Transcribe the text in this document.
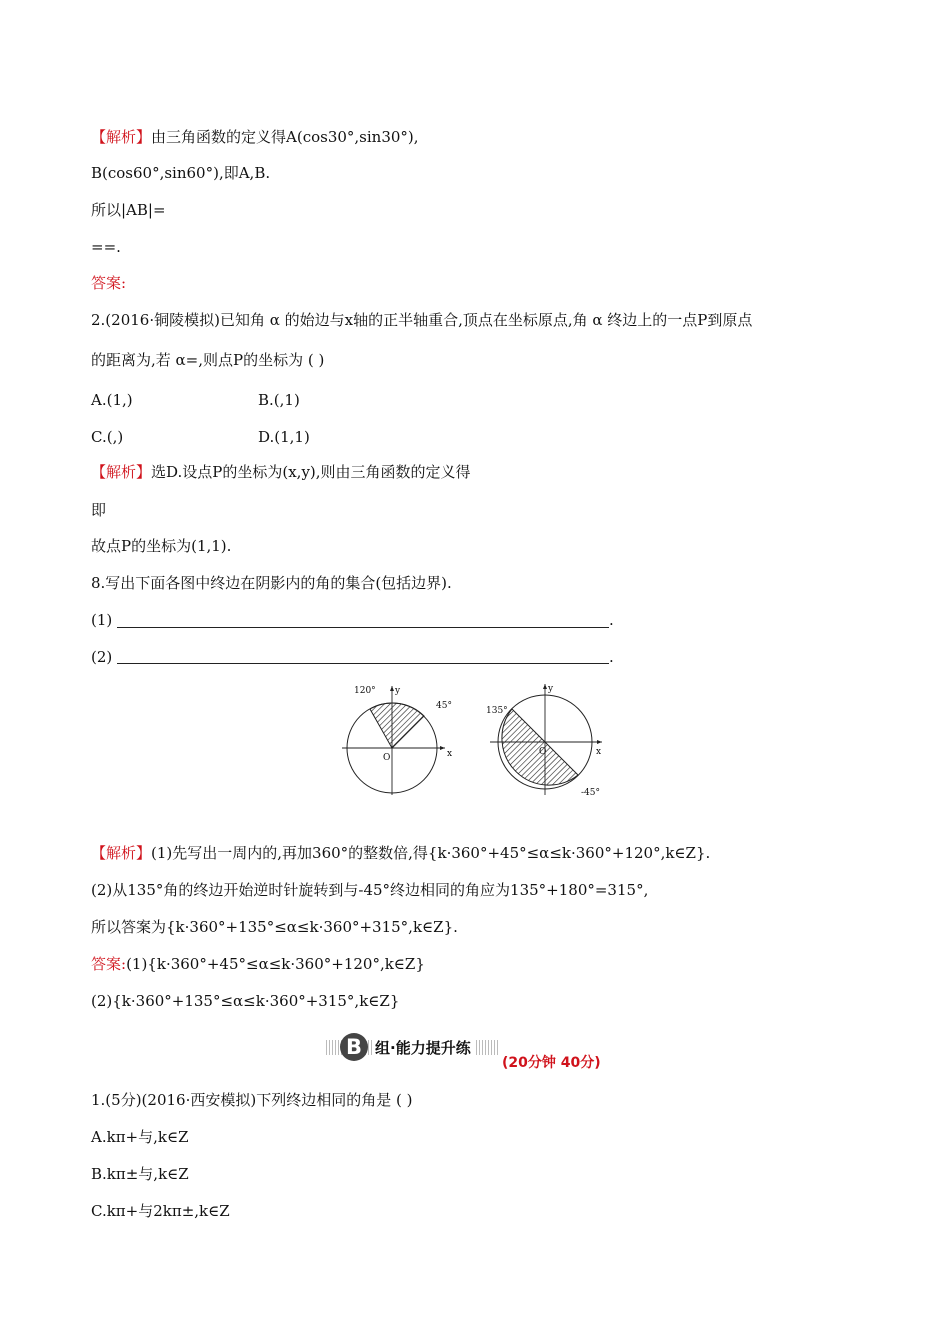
【解析】由三角函数的定义得A(cos30°,sin30°),
B(cos60°,sin60°),即A,B.
所以|AB|=
==.
答案:
2.(2016·铜陵模拟)已知角 α 的始边与x轴的正半轴重合,顶点在坐标原点,角 α 终边上的一点P到原点
的距离为,若 α=,则点P的坐标为 ( )
A.(1,)	B.(,1)
C.(,)	D.(1,1)
【解析】选D.设点P的坐标为(x,y),则由三角函数的定义得
即
故点P的坐标为(1,1).
8.写出下面各图中终边在阴影内的角的集合(包括边界).
(1)	.
(2)	.
120° y
45°
O	x
135°
y
O	x
-45°
【解析】(1)先写出一周内的,再加360°的整数倍,得{k·360°+45°≤α≤k·360°+120°,k∈Z}.
(2)从135°角的终边开始逆时针旋转到与-45°终边相同的角应为135°+180°=315°,
所以答案为{k·360°+135°≤α≤k·360°+315°,k∈Z}.
答案:(1){k·360°+45°≤α≤k·360°+120°,k∈Z}
(2){k·360°+135°≤α≤k·360°+315°,k∈Z}
B 组·能力提升练
(20分钟 40分)
1.(5分)(2016·西安模拟)下列终边相同的角是 ( )
A.kπ+与,k∈Z
B.kπ±与,k∈Z
C.kπ+与2kπ±,k∈Z
